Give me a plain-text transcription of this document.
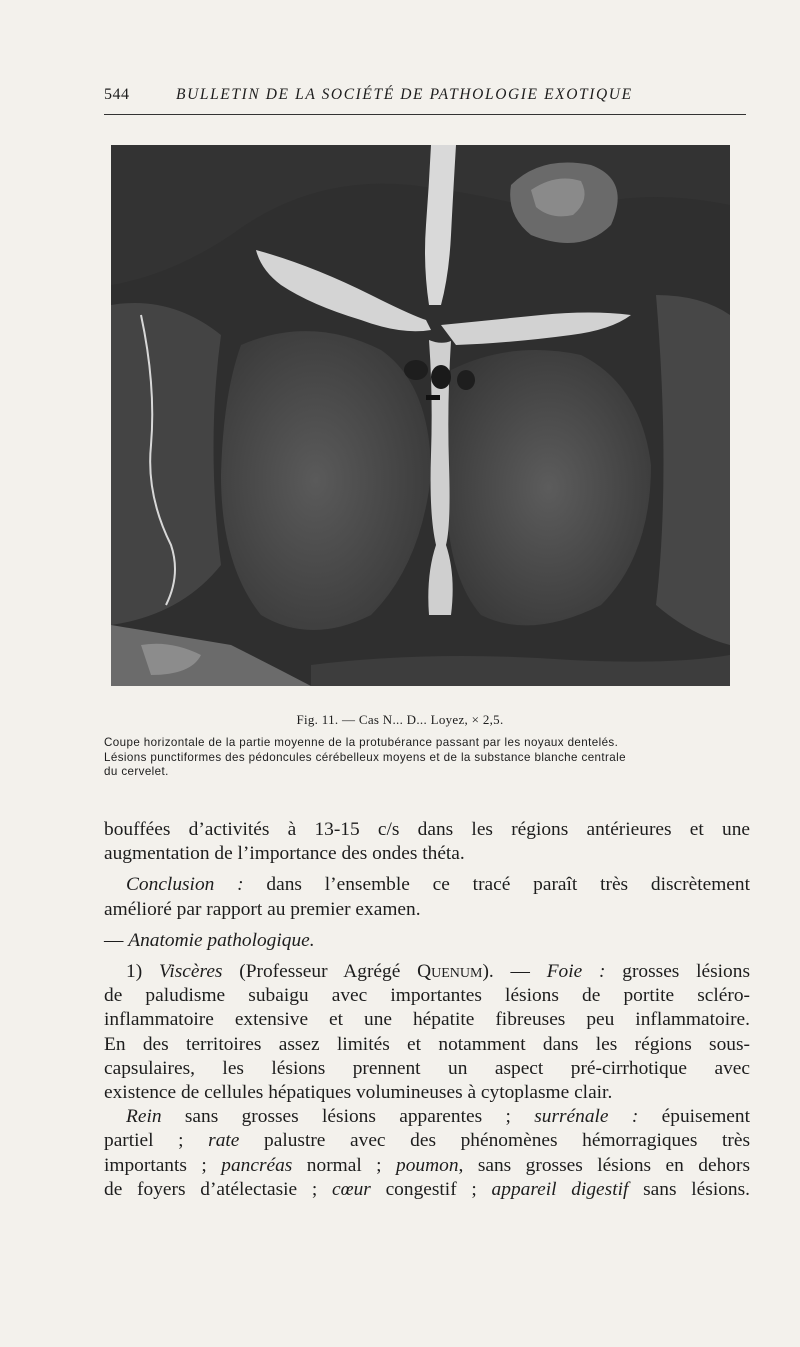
544	BULLETIN DE LA SOCIÉTÉ DE PATHOLOGIE EXOTIQUE
Fig. 11. — Cas N... D... Loyez, × 2,5.
Coupe horizontale de la partie moyenne de la protubérance passant par les noyaux dentelés.
Lésions punctiformes des pédoncules cérébelleux moyens et de la substance blanche centrale
du cervelet.
bouffées d’activités à 13-15 c/s dans les régions antérieures et une
augmentation de l’importance des ondes théta.
Conclusion : dans l’ensemble ce tracé paraît très discrètement
amélioré par rapport au premier examen.
— Anatomie pathologique.
1) Viscères (Professeur Agrégé Quenum). — Foie : grosses lésions
de paludisme subaigu avec importantes lésions de portite scléro-
inflammatoire extensive et une hépatite fibreuses peu inflammatoire.
En des territoires assez limités et notamment dans les régions sous-
capsulaires, les lésions prennent un aspect pré-cirrhotique avec
existence de cellules hépatiques volumineuses à cytoplasme clair.
Rein sans grosses lésions apparentes ; surrénale : épuisement
partiel ; rate palustre avec des phénomènes hémorragiques très
importants ; pancréas normal ; poumon, sans grosses lésions en dehors
de foyers d’atélectasie ; cœur congestif ; appareil digestif sans lésions.
